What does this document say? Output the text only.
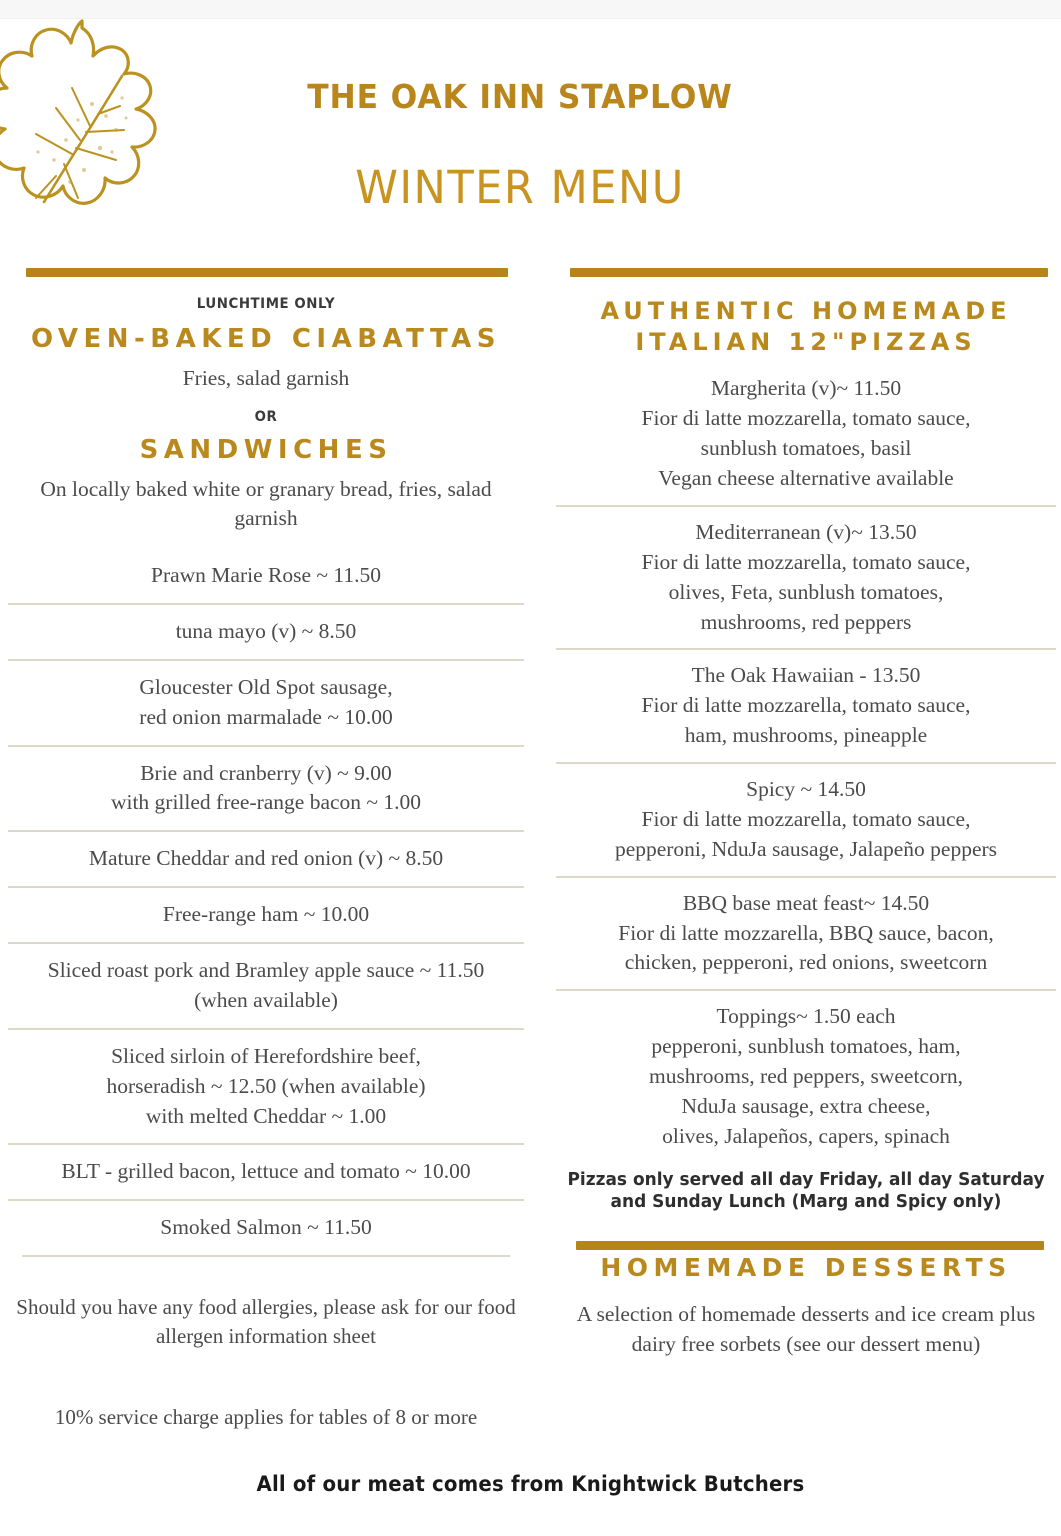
THE OAK INN STAPLOW
WINTER MENU

LUNCHTIME ONLY

OVEN-BAKED CIABATTAS

Fries, salad garnish

OR

SANDWICHES

On locally baked white or granary bread, fries, salad garnish

Prawn Marie Rose ~ 11.50
tuna mayo (v) ~ 8.50
Gloucester Old Spot sausage,
red onion marmalade ~ 10.00
Brie and cranberry (v) ~ 9.00
with grilled free-range bacon ~ 1.00
Mature Cheddar and red onion (v) ~ 8.50
Free-range ham ~ 10.00
Sliced roast pork and Bramley apple sauce ~ 11.50
(when available)
Sliced sirloin of Herefordshire beef,
horseradish ~ 12.50 (when available)
with melted Cheddar ~ 1.00
BLT - grilled bacon, lettuce and tomato ~ 10.00
Smoked Salmon ~ 11.50

Should you have any food allergies, please ask for our food allergen information sheet

10% service charge applies for tables of 8 or more

AUTHENTIC HOMEMADE ITALIAN 12"PIZZAS
Margherita (v)~ 11.50
Fior di latte mozzarella, tomato sauce,
sunblush tomatoes, basil
Vegan cheese alternative available
Mediterranean (v)~ 13.50
Fior di latte mozzarella, tomato sauce,
olives, Feta, sunblush tomatoes,
mushrooms, red peppers
The Oak Hawaiian - 13.50
Fior di latte mozzarella, tomato sauce,
ham, mushrooms, pineapple
Spicy ~ 14.50
Fior di latte mozzarella, tomato sauce,
pepperoni, NduJa sausage, Jalapeño peppers
BBQ base meat feast~ 14.50
Fior di latte mozzarella, BBQ sauce, bacon,
chicken, pepperoni, red onions, sweetcorn
Toppings~ 1.50 each
pepperoni, sunblush tomatoes, ham,
mushrooms, red peppers, sweetcorn,
NduJa sausage, extra cheese,
olives, Jalapeños, capers, spinach

Pizzas only served all day Friday, all day Saturday and Sunday Lunch (Marg and Spicy only)

HOMEMADE DESSERTS

A selection of homemade desserts and ice cream plus dairy free sorbets (see our dessert menu)

All of our meat comes from Knightwick Butchers
